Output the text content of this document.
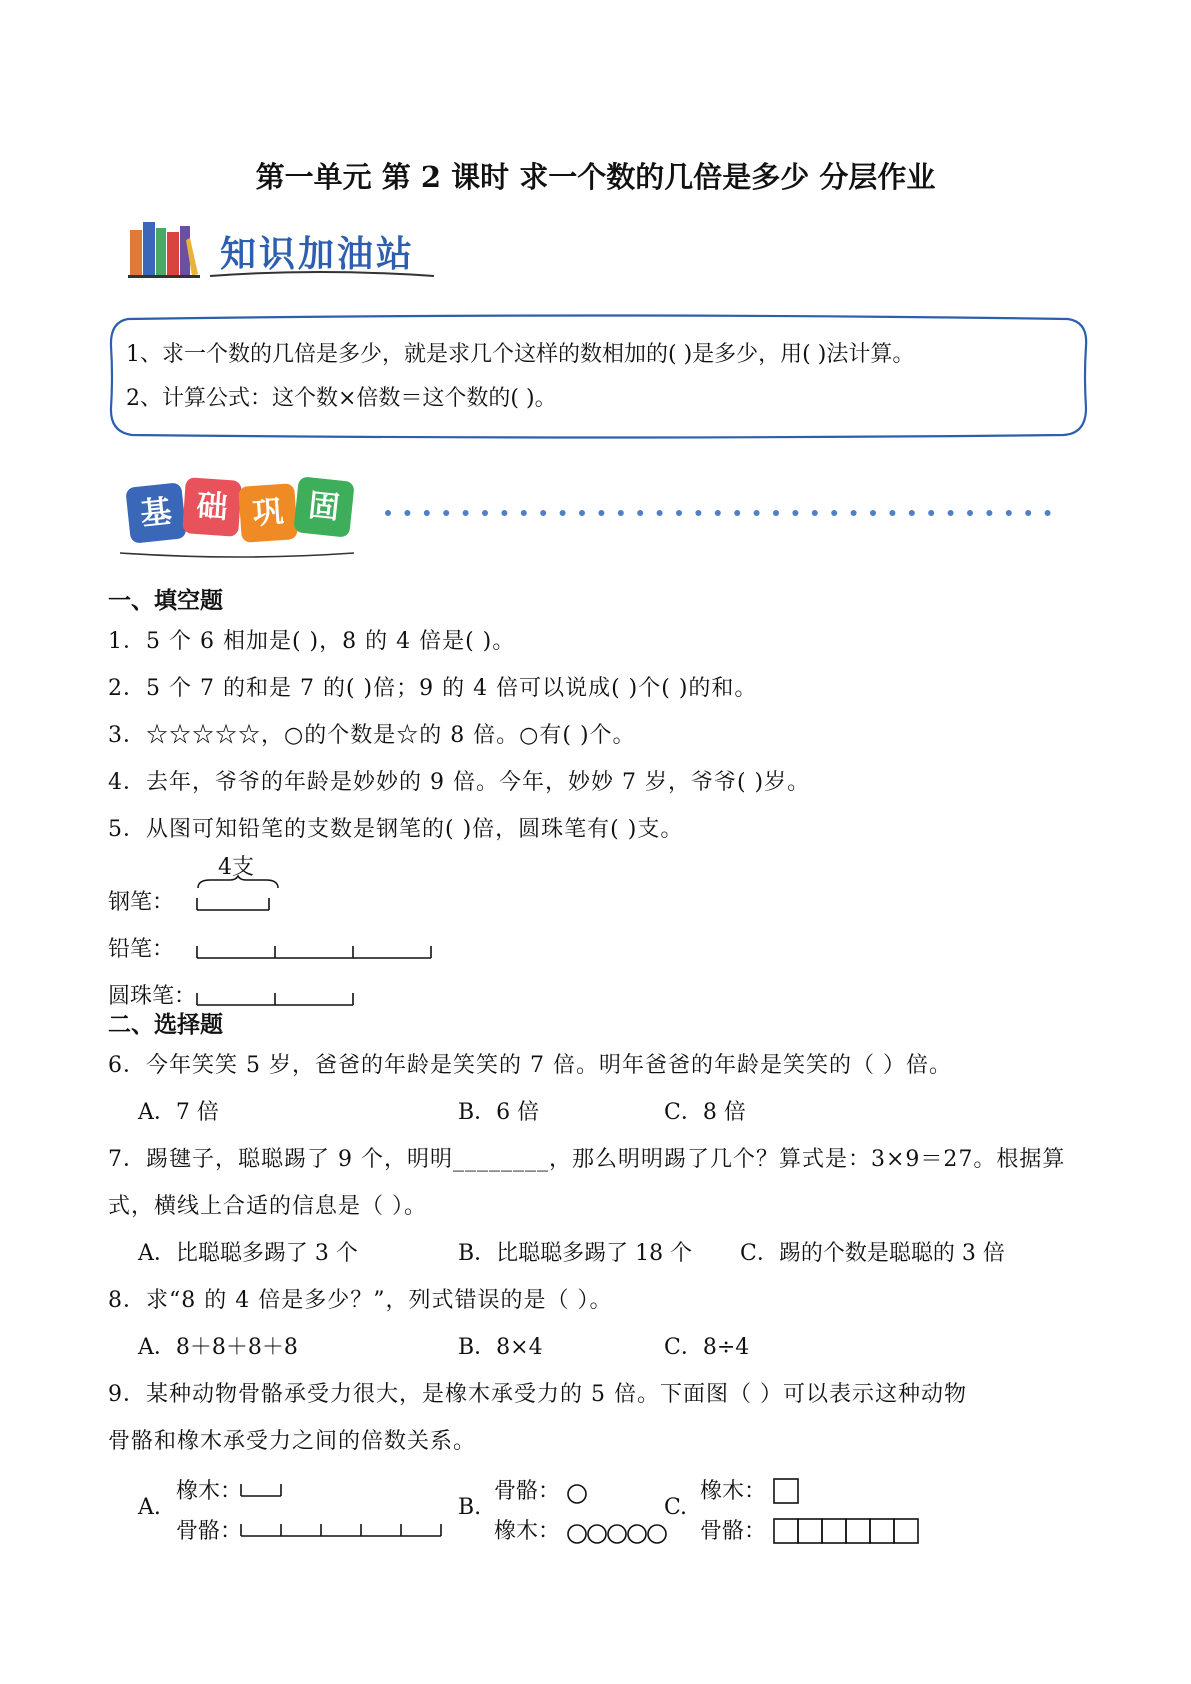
第一单元 第 2 课时 求一个数的几倍是多少 分层作业
知识加油站
1、求一个数的几倍是多少，就是求几个这样的数相加的( )是多少，用( )法计算。
2、计算公式：这个数×倍数＝这个数的( )。
基 础 巩 固
一、填空题
1．5 个 6 相加是( )，8 的 4 倍是( )。
2．5 个 7 的和是 7 的( )倍；9 的 4 倍可以说成( )个( )的和。
3．☆☆☆☆☆，○的个数是☆的 8 倍。○有( )个。
4．去年，爷爷的年龄是妙妙的 9 倍。今年，妙妙 7 岁，爷爷( )岁。
5．从图可知铅笔的支数是钢笔的( )倍，圆珠笔有( )支。
4支
钢笔：
铅笔：
圆珠笔：
二、选择题
6．今年笑笑 5 岁，爸爸的年龄是笑笑的 7 倍。明年爸爸的年龄是笑笑的（ ）倍。
A．7 倍	B．6 倍	C．8 倍
7．踢毽子，聪聪踢了 9 个，明明________，那么明明踢了几个？算式是：3×9＝27。根据算
式，横线上合适的信息是（ ）。
A．比聪聪多踢了 3 个	B．比聪聪多踢了 18 个 C．踢的个数是聪聪的 3 倍
8．求“8 的 4 倍是多少？”，列式错误的是（ ）。
A．8＋8＋8＋8	B．8×4	C．8÷4
9．某种动物骨骼承受力很大，是橡木承受力的 5 倍。下面图（ ）可以表示这种动物
骨骼和橡木承受力之间的倍数关系。
A.
橡木：
骨骼：
B.
骨骼：
橡木：
C.
橡木：
骨骼：
